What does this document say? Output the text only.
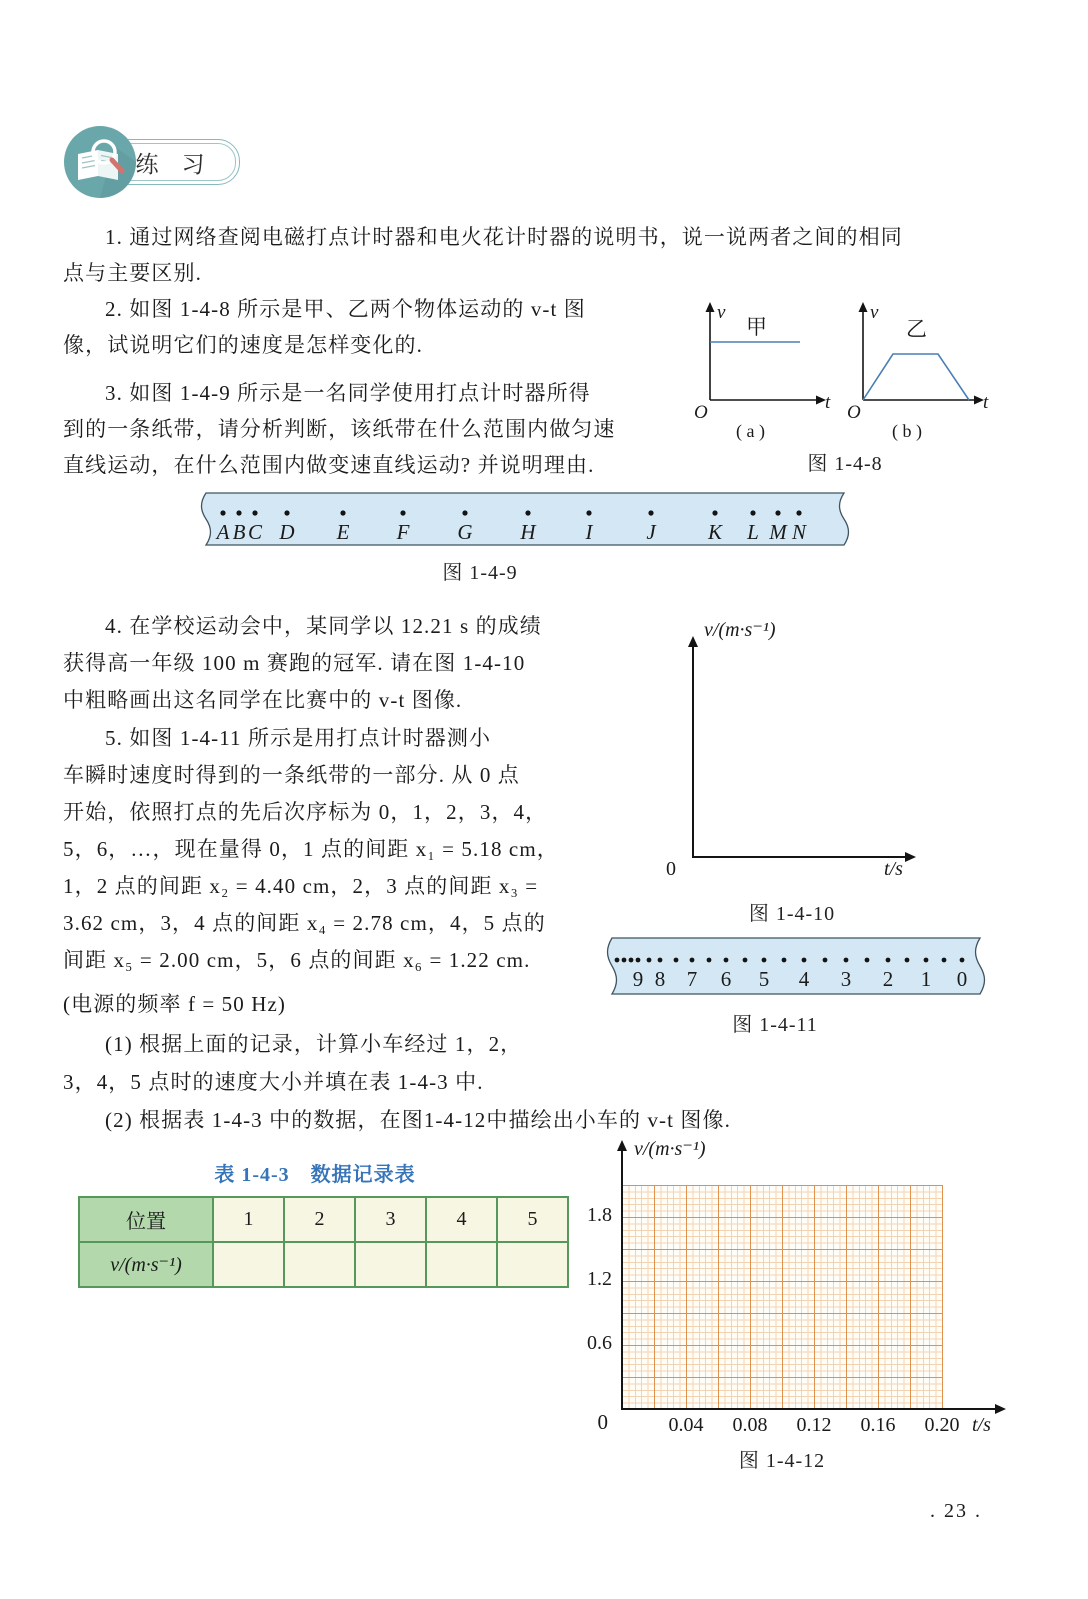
练　习
1. 通过网络查阅电磁打点计时器和电火花计时器的说明书，说一说两者之间的相同
点与主要区别.
2. 如图 1-4-8 所示是甲、乙两个物体运动的 v-t 图
像，试说明它们的速度是怎样变化的.
3. 如图 1-4-9 所示是一名同学使用打点计时器所得
到的一条纸带，请分析判断，该纸带在什么范围内做匀速
直线运动，在什么范围内做变速直线运动? 并说明理由.
v
甲
O	t
( a )
v
乙
O	t
( b )
图 1-4-8
A B C D E F G H I	J K L M N
图 1-4-9
4. 在学校运动会中，某同学以 12.21 s 的成绩
获得高一年级 100 m 赛跑的冠军. 请在图 1-4-10
中粗略画出这名同学在比赛中的 v-t 图像.
5. 如图 1-4-11 所示是用打点计时器测小
车瞬时速度时得到的一条纸带的一部分. 从 0 点
开始，依照打点的先后次序标为 0，1，2，3，4，
5，6，…，现在量得 0，1 点的间距 x₁ = 5.18 cm，
1，2 点的间距 x₂ = 4.40 cm，2，3 点的间距 x₃ =
3.62 cm，3，4 点的间距 x₄ = 2.78 cm，4，5 点的
间距 x₅ = 2.00 cm，5，6 点的间距 x₆ = 1.22 cm.
(电源的频率 f = 50 Hz)
(1) 根据上面的记录，计算小车经过 1，2，
3，4，5 点时的速度大小并填在表 1-4-3 中.
(2) 根据表 1-4-3 中的数据，在图1-4-12中描绘出小车的 v-t 图像.
v/(m·s⁻¹)
0	t/s
图 1-4-10
9 8 7 6 5 4 3 2 1 0
图 1-4-11
表 1-4-3　数据记录表
位置	1	2	3	4	5
v/(m·s⁻¹)					
v/(m·s⁻¹)
1.8
1.2
0.6
0	0.04	0.08	0.12	0.16	0.20 t/s
图 1-4-12
. 23 .
